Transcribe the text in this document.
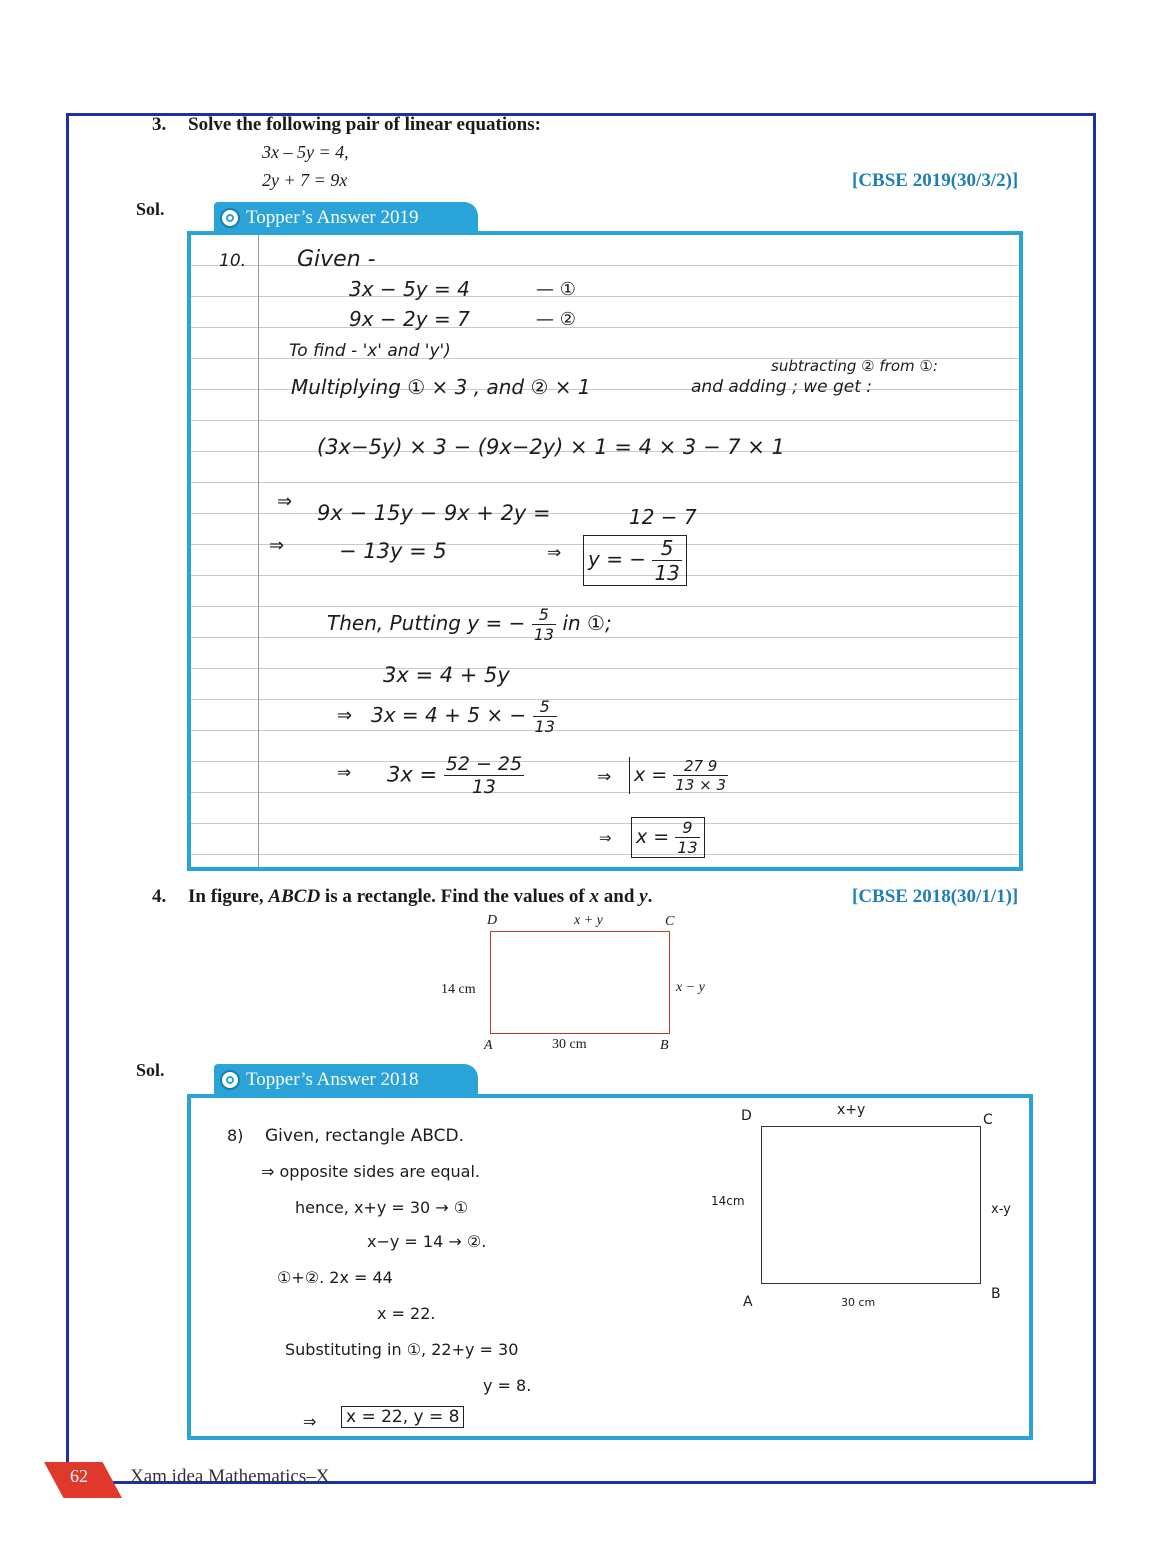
3. Solve the following pair of linear equations:
3x – 5y = 4,
2y + 7 = 9x	[CBSE 2019(30/3/2)]
Sol.	Topper’s Answer 2019
10. Given -
3x − 5y = 4	— ①
9x − 2y = 7	— ②
To find - 'x' and 'y')
Multiplying ① × 3 , and ② × 1
subtracting ② from ①:
and adding ; we get :
(3x−5y) × 3 − (9x−2y) × 1 = 4 × 3 − 7 × 1
⇒ 9x − 15y − 9x + 2y =	12 − 7
⇒	− 13y = 5	⇒ y = − $\frac{5}{13}$
Then, Putting y = − $\frac{5}{13}$ in ①;
3x = 4 + 5y
⇒ 3x = 4 + 5 × − $\frac{5}{13}$
⇒ $3x = \frac{52 - 25}{13}$	⇒ $x = \frac{27 9}{13 \times 3}$
⇒ $x = \frac{9}{13}$
4. In figure, ABCD is a rectangle. Find the values of x and y.	[CBSE 2018(30/1/1)]
D	x + y	C
14 cm	x − y
A	30 cm	B
Sol.	Topper’s Answer 2018
8) Given, rectangle ABCD.
⇒ opposite sides are equal.
hence, x+y = 30 → ①
x−y = 14 → ②.
①+②. 2x = 44
x = 22.
Substituting in ①, 22+y = 30
y = 8.
⇒ x = 22, y = 8
D	x+y
C
14cm
x-y
A	30 cm
B
62 Xam idea Mathematics–X
